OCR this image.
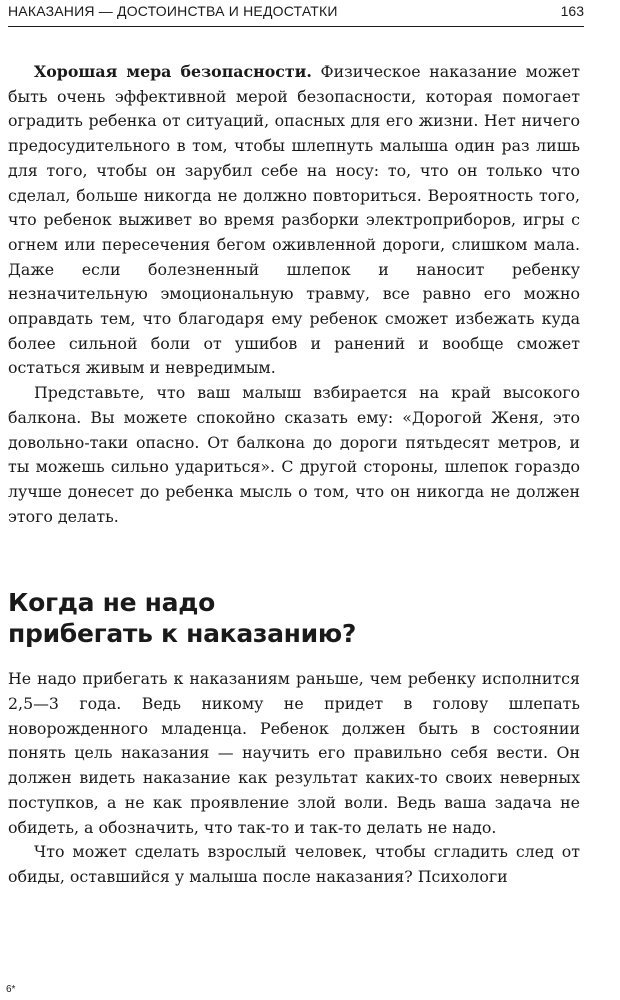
НАКАЗАНИЯ — ДОСТОИНСТВА И НЕДОСТАТКИ	163

Хорошая мера безопасности. Физическое наказание может быть очень эффективной мерой безопасности, которая помогает оградить ребенка от ситуаций, опасных для его жизни. Нет ничего предосудительного в том, чтобы шлепнуть малыша один раз лишь для того, чтобы он зарубил себе на носу: то, что он только что сделал, больше никогда не должно повториться. Вероятность того, что ребенок выживет во время разборки электроприборов, игры с огнем или пересечения бегом оживленной дороги, слишком мала. Даже если болезненный шлепок и наносит ребенку незначительную эмоциональную травму, все равно его можно оправдать тем, что благодаря ему ребенок сможет избежать куда более сильной боли от ушибов и ранений и вообще сможет остаться живым и невредимым.

Представьте, что ваш малыш взбирается на край высокого балкона. Вы можете спокойно сказать ему: «Дорогой Женя, это довольно-таки опасно. От балкона до дороги пятьдесят метров, и ты можешь сильно удариться». С другой стороны, шлепок гораздо лучше донесет до ребенка мысль о том, что он никогда не должен этого делать.

Когда не надо
прибегать к наказанию?

Не надо прибегать к наказаниям раньше, чем ребенку исполнится 2,5—3 года. Ведь никому не придет в голову шлепать новорожденного младенца. Ребенок должен быть в состоянии понять цель наказания — научить его правильно себя вести. Он должен видеть наказание как результат каких-то своих неверных поступков, а не как проявление злой воли. Ведь ваша задача не обидеть, а обозначить, что так-то и так-то делать не надо.

Что может сделать взрослый человек, чтобы сгладить след от обиды, оставшийся у малыша после наказания? Психологи

6*
